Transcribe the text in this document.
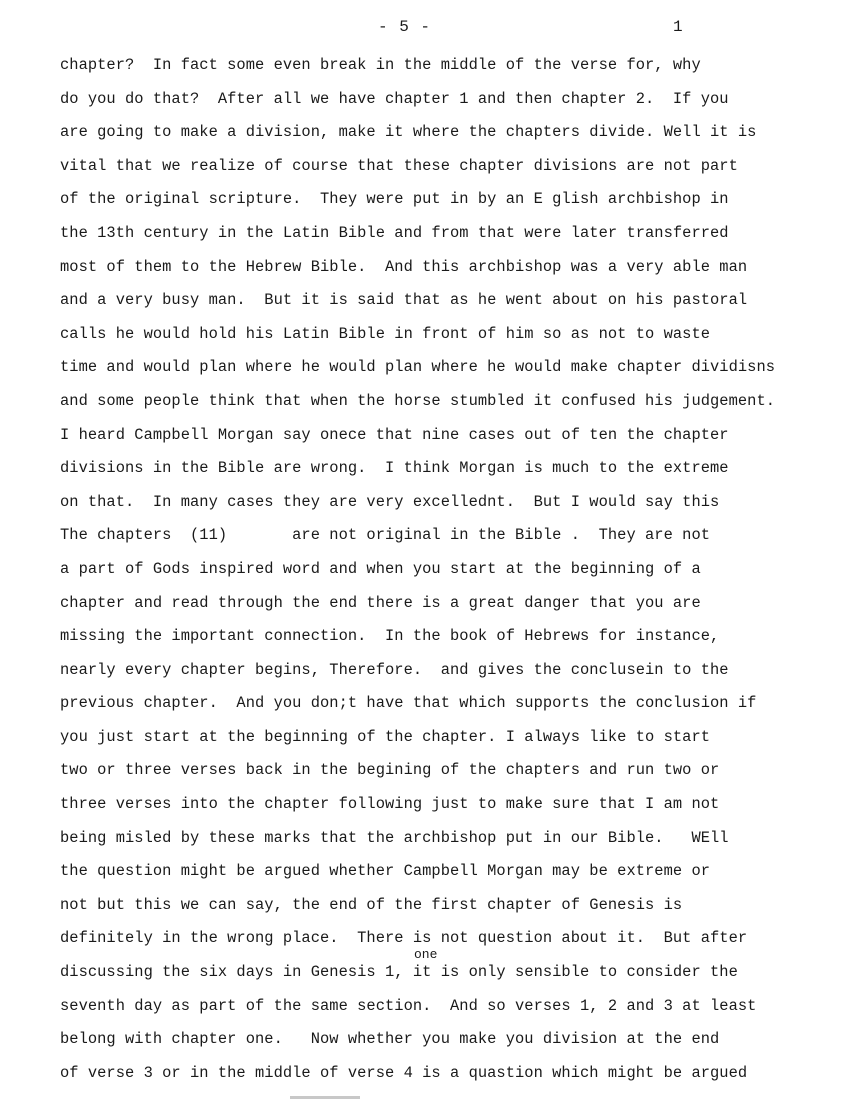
- 5 -	1
chapter?  In fact some even break in the middle of the verse for, why
do you do that?  After all we have chapter 1 and then chapter 2.  If you
are going to make a division, make it where the chapters divide. Well it is
vital that we realize of course that these chapter divisions are not part
of the original scripture.  They were put in by an E glish archbishop in
the 13th century in the Latin Bible and from that were later transferred
most of them to the Hebrew Bible.  And this archbishop was a very able man
and a very busy man.  But it is said that as he went about on his pastoral
calls he would hold his Latin Bible in front of him so as not to waste
time and would plan where he would plan where he would make chapter dividisns
and some people think that when the horse stumbled it confused his judgement.
I heard Campbell Morgan say onece that nine cases out of ten the chapter
divisions in the Bible are wrong.  I think Morgan is much to the extreme
on that.  In many cases they are very excellednt.  But I would say this
The chapters  (11)       are not original in the Bible .  They are not
a part of Gods inspired word and when you start at the beginning of a
chapter and read through the end there is a great danger that you are
missing the important connection.  In the book of Hebrews for instance,
nearly every chapter begins, Therefore.  and gives the conclusein to the
previous chapter.  And you don;t have that which supports the conclusion if
you just start at the beginning of the chapter. I always like to start
two or three verses back in the begining of the chapters and run two or
three verses into the chapter following just to make sure that I am not
being misled by these marks that the archbishop put in our Bible.   WEll
the question might be argued whether Campbell Morgan may be extreme or
not but this we can say, the end of the first chapter of Genesis is
definitely in the wrong place.  There is not question about it.  But after
discussing the six days in Genesis 1, it is only sensible to consider the
seventh day as part of the same section.  And so verses 1, 2 and 3 at least
belong with chapter one.   Now whether you make you division at the end
of verse 3 or in the middle of verse 4 is a quastion which might be argued
one
